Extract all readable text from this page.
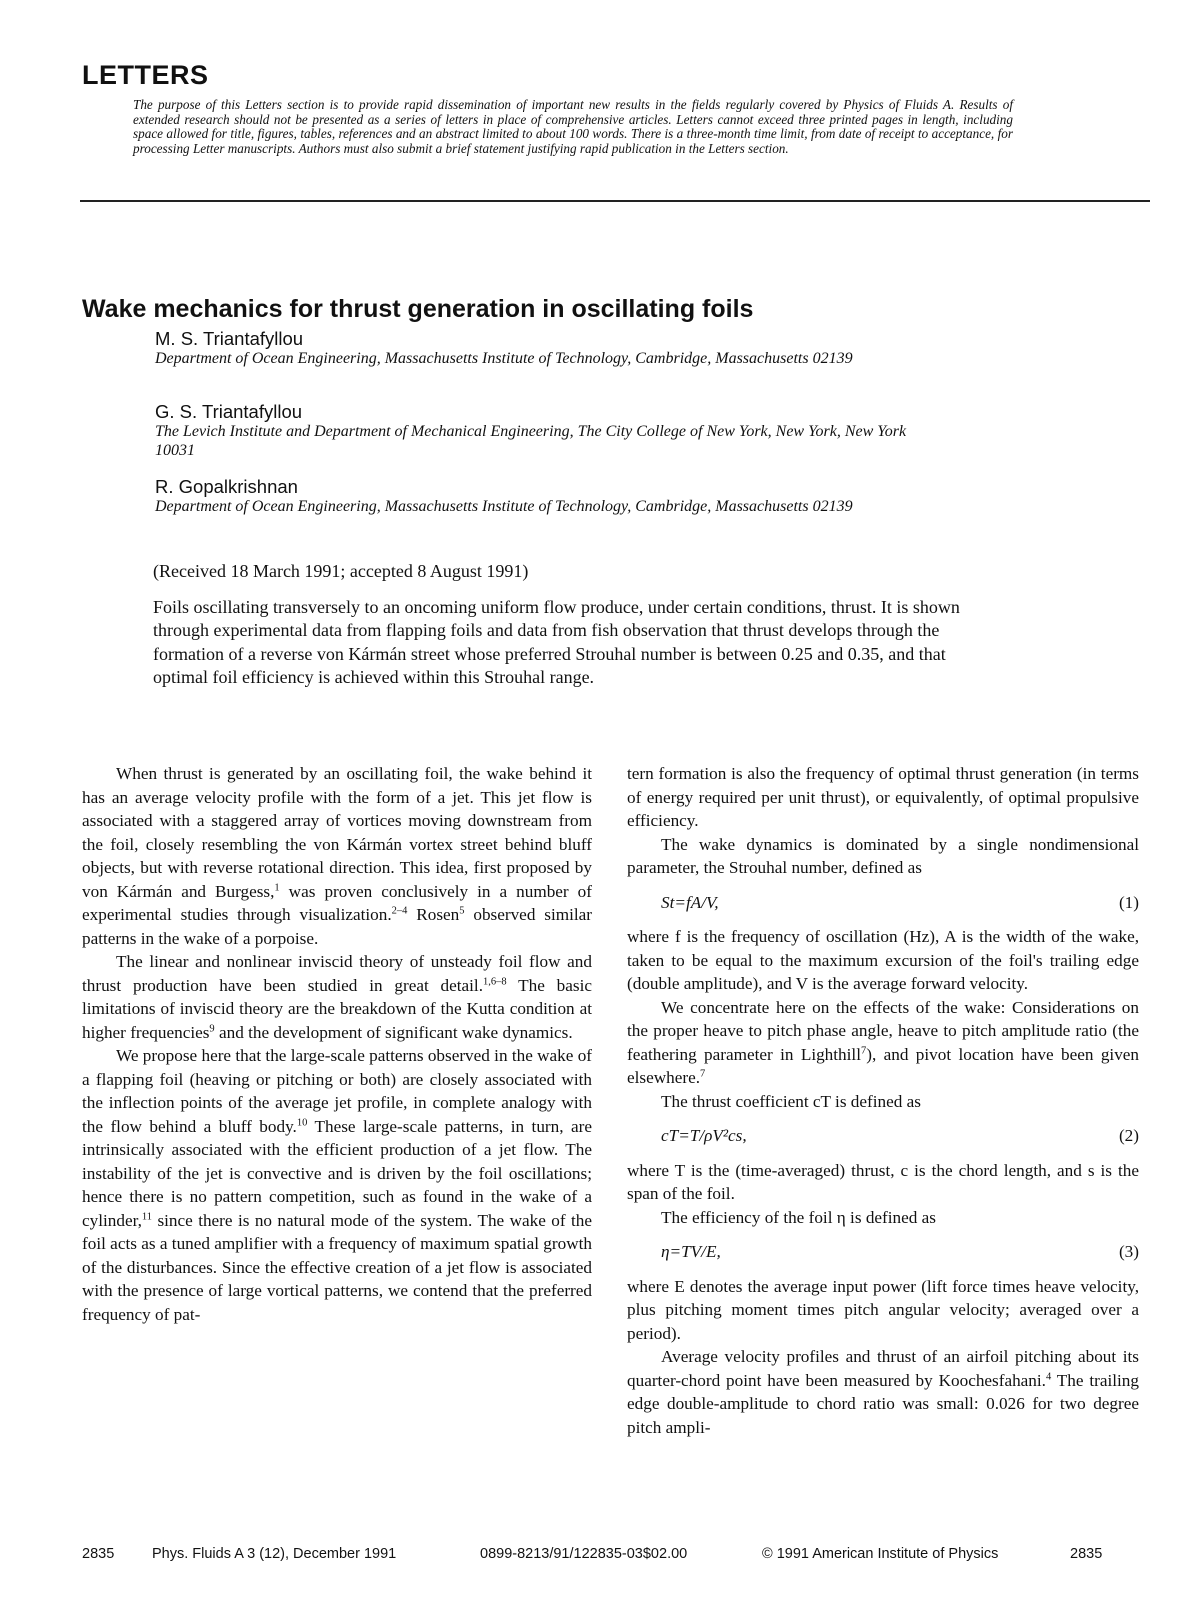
LETTERS

The purpose of this Letters section is to provide rapid dissemination of important new results in the fields regularly covered by Physics of Fluids A. Results of extended research should not be presented as a series of letters in place of comprehensive articles. Letters cannot exceed three printed pages in length, including space allowed for title, figures, tables, references and an abstract limited to about 100 words. There is a three-month time limit, from date of receipt to acceptance, for processing Letter manuscripts. Authors must also submit a brief statement justifying rapid publication in the Letters section.

Wake mechanics for thrust generation in oscillating foils

M. S. Triantafyllou

Department of Ocean Engineering, Massachusetts Institute of Technology, Cambridge, Massachusetts 02139

G. S. Triantafyllou

The Levich Institute and Department of Mechanical Engineering, The City College of New York, New York, New York 10031

R. Gopalkrishnan

Department of Ocean Engineering, Massachusetts Institute of Technology, Cambridge, Massachusetts 02139

(Received 18 March 1991; accepted 8 August 1991)

Foils oscillating transversely to an oncoming uniform flow produce, under certain conditions, thrust. It is shown through experimental data from flapping foils and data from fish observation that thrust develops through the formation of a reverse von Kármán street whose preferred Strouhal number is between 0.25 and 0.35, and that optimal foil efficiency is achieved within this Strouhal range.

When thrust is generated by an oscillating foil, the wake behind it has an average velocity profile with the form of a jet. This jet flow is associated with a staggered array of vortices moving downstream from the foil, closely resembling the von Kármán vortex street behind bluff objects, but with reverse rotational direction. This idea, first proposed by von Kármán and Burgess,$^1$ was proven conclusively in a number of experimental studies through visualization.$^{2-4}$ Rosen$^5$ observed similar patterns in the wake of a porpoise.

The linear and nonlinear inviscid theory of unsteady foil flow and thrust production have been studied in great detail.$^{1,6-8}$ The basic limitations of inviscid theory are the breakdown of the Kutta condition at higher frequencies$^9$ and the development of significant wake dynamics.

We propose here that the large-scale patterns observed in the wake of a flapping foil (heaving or pitching or both) are closely associated with the inflection points of the average jet profile, in complete analogy with the flow behind a bluff body.$^{10}$ These large-scale patterns, in turn, are intrinsically associated with the efficient production of a jet flow. The instability of the jet is convective and is driven by the foil oscillations; hence there is no pattern competition, such as found in the wake of a cylinder,$^{11}$ since there is no natural mode of the system. The wake of the foil acts as a tuned amplifier with a frequency of maximum spatial growth of the disturbances. Since the effective creation of a jet flow is associated with the presence of large vortical patterns, we contend that the preferred frequency of pat-

tern formation is also the frequency of optimal thrust generation (in terms of energy required per unit thrust), or equivalently, of optimal propulsive efficiency.

The wake dynamics is dominated by a single nondimensional parameter, the Strouhal number, defined as

St=fA/V,	(1)

where f is the frequency of oscillation (Hz), A is the width of the wake, taken to be equal to the maximum excursion of the foil's trailing edge (double amplitude), and V is the average forward velocity.

We concentrate here on the effects of the wake: Considerations on the proper heave to pitch phase angle, heave to pitch amplitude ratio (the feathering parameter in Lighthill$^7$), and pivot location have been given elsewhere.$^7$

The thrust coefficient cT is defined as

cT=T/ρV²cs,	(2)

where T is the (time-averaged) thrust, c is the chord length, and s is the span of the foil.

The efficiency of the foil η is defined as

η=TV/E,	(3)

where E denotes the average input power (lift force times heave velocity, plus pitching moment times pitch angular velocity; averaged over a period).

Average velocity profiles and thrust of an airfoil pitching about its quarter-chord point have been measured by Koochesfahani.$^4$ The trailing edge double-amplitude to chord ratio was small: 0.026 for two degree pitch ampli-

2835	Phys. Fluids A 3 (12), December 1991	0899-8213/91/122835-03$02.00	© 1991 American Institute of Physics	2835
